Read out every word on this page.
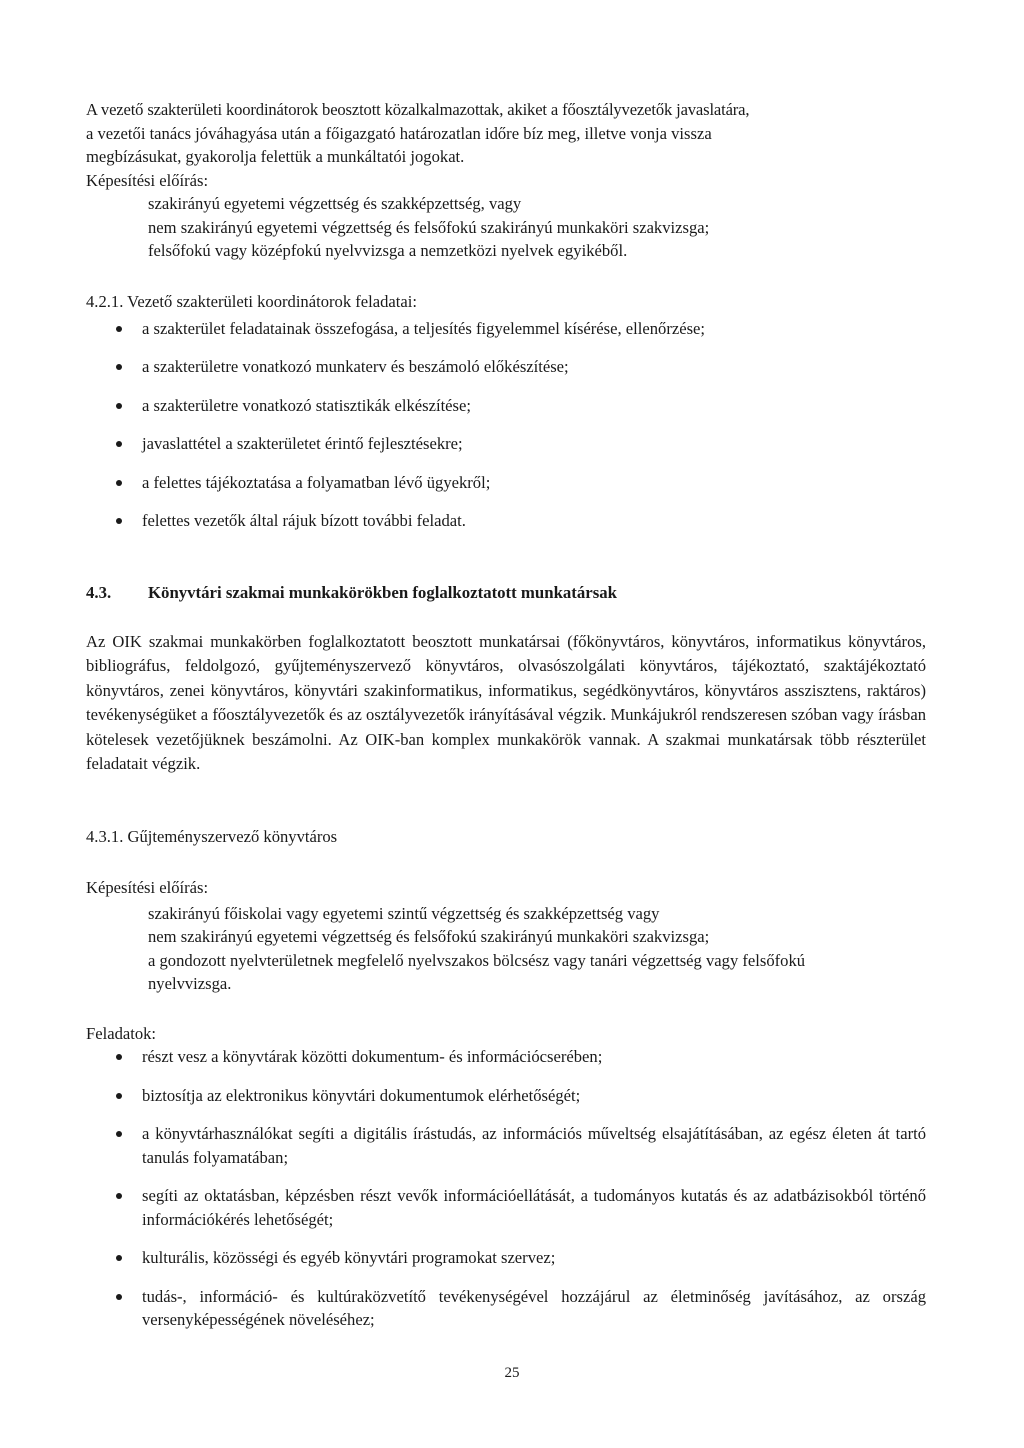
A vezető szakterületi koordinátorok beosztott közalkalmazottak, akiket a főosztályvezetők javaslatára,
a vezetői tanács jóváhagyása után a főigazgató határozatlan időre bíz meg, illetve vonja vissza
megbízásukat, gyakorolja felettük a munkáltatói jogokat.
Képesítési előírás:
szakirányú egyetemi végzettség és szakképzettség, vagy
nem szakirányú egyetemi végzettség és felsőfokú szakirányú munkaköri szakvizsga;
felsőfokú vagy középfokú nyelvvizsga a nemzetközi nyelvek egyikéből.
4.2.1. Vezető szakterületi koordinátorok feladatai:
a szakterület feladatainak összefogása, a teljesítés figyelemmel kísérése, ellenőrzése;
a szakterületre vonatkozó munkaterv és beszámoló előkészítése;
a szakterületre vonatkozó statisztikák elkészítése;
javaslattétel a szakterületet érintő fejlesztésekre;
a felettes tájékoztatása a folyamatban lévő ügyekről;
felettes vezetők által rájuk bízott további feladat.
4.3. Könyvtári szakmai munkakörökben foglalkoztatott munkatársak

Az OIK szakmai munkakörben foglalkoztatott beosztott munkatársai (főkönyvtáros, könyvtáros, informatikus könyvtáros, bibliográfus, feldolgozó, gyűjteményszervező könyvtáros, olvasószolgálati könyvtáros, tájékoztató, szaktájékoztató könyvtáros, zenei könyvtáros, könyvtári szakinformatikus, informatikus, segédkönyvtáros, könyvtáros asszisztens, raktáros) tevékenységüket a főosztályvezetők és az osztályvezetők irányításával végzik. Munkájukról rendszeresen szóban vagy írásban kötelesek vezetőjüknek beszámolni. Az OIK-ban komplex munkakörök vannak. A szakmai munkatársak több részterület feladatait végzik.

4.3.1. Gűjteményszervező könyvtáros
Képesítési előírás:
szakirányú főiskolai vagy egyetemi szintű végzettség és szakképzettség vagy
nem szakirányú egyetemi végzettség és felsőfokú szakirányú munkaköri szakvizsga;
a gondozott nyelvterületnek megfelelő nyelvszakos bölcsész vagy tanári végzettség vagy felsőfokú nyelvvizsga.
Feladatok:
részt vesz a könyvtárak közötti dokumentum- és információcserében;
biztosítja az elektronikus könyvtári dokumentumok elérhetőségét;
a könyvtárhasználókat segíti a digitális írástudás, az információs műveltség elsajátításában, az egész életen át tartó tanulás folyamatában;
segíti az oktatásban, képzésben részt vevők információellátását, a tudományos kutatás és az adatbázisokból történő információkérés lehetőségét;
kulturális, közösségi és egyéb könyvtári programokat szervez;
tudás-, információ- és kultúraközvetítő tevékenységével hozzájárul az életminőség javításához, az ország versenyképességének növeléséhez;
25
